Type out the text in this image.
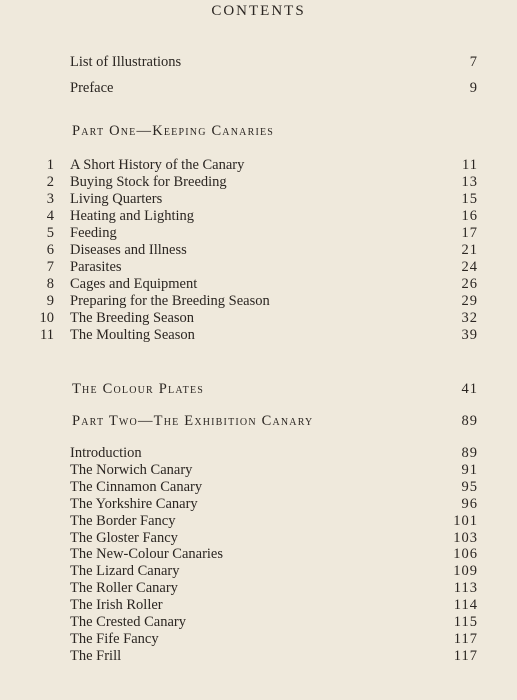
CONTENTS
List of Illustrations	7
Preface	9
Part One—Keeping Canaries
1 A Short History of the Canary	11
2 Buying Stock for Breeding	13
3 Living Quarters	15
4 Heating and Lighting	16
5 Feeding	17
6 Diseases and Illness	21
7 Parasites	24
8 Cages and Equipment	26
9 Preparing for the Breeding Season	29
10 The Breeding Season	32
11 The Moulting Season	39
The Colour Plates	41
Part Two—The Exhibition Canary	89
Introduction	89
The Norwich Canary	91
The Cinnamon Canary	95
The Yorkshire Canary	96
The Border Fancy	101
The Gloster Fancy	103
The New-Colour Canaries	106
The Lizard Canary	109
The Roller Canary	113
The Irish Roller	114
The Crested Canary	115
The Fife Fancy	117
The Frill	117
